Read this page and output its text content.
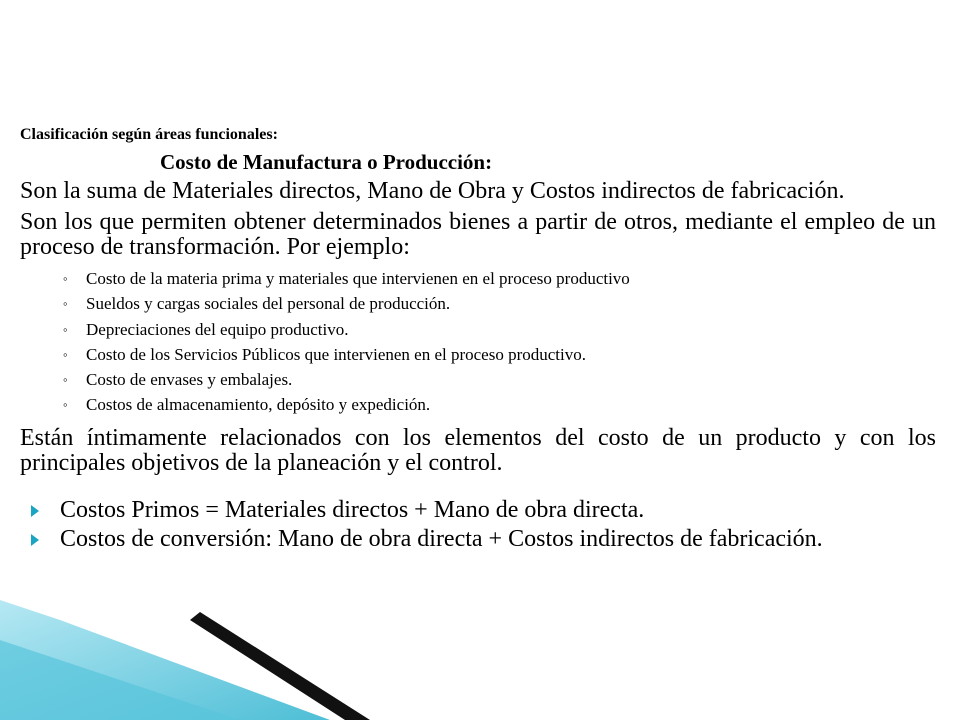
Clasificación según áreas funcionales:

Costo de Manufactura o Producción:

Son la suma de Materiales directos, Mano de Obra y Costos indirectos de fabricación.

Son los que permiten obtener determinados bienes a partir de otros, mediante el empleo de un proceso de transformación. Por ejemplo:

◦ Costo de la materia prima y materiales que intervienen en el proceso productivo
◦ Sueldos y cargas sociales del personal de producción.
◦ Depreciaciones del equipo productivo.
◦ Costo de los Servicios Públicos que intervienen en el proceso productivo.
◦ Costo de envases y embalajes.
◦ Costos de almacenamiento, depósito y expedición.

Están íntimamente relacionados con los elementos del costo de un producto y con los principales objetivos de la planeación y el control.

Costos Primos = Materiales directos + Mano de obra directa.
Costos de conversión: Mano de obra directa + Costos indirectos de fabricación.
